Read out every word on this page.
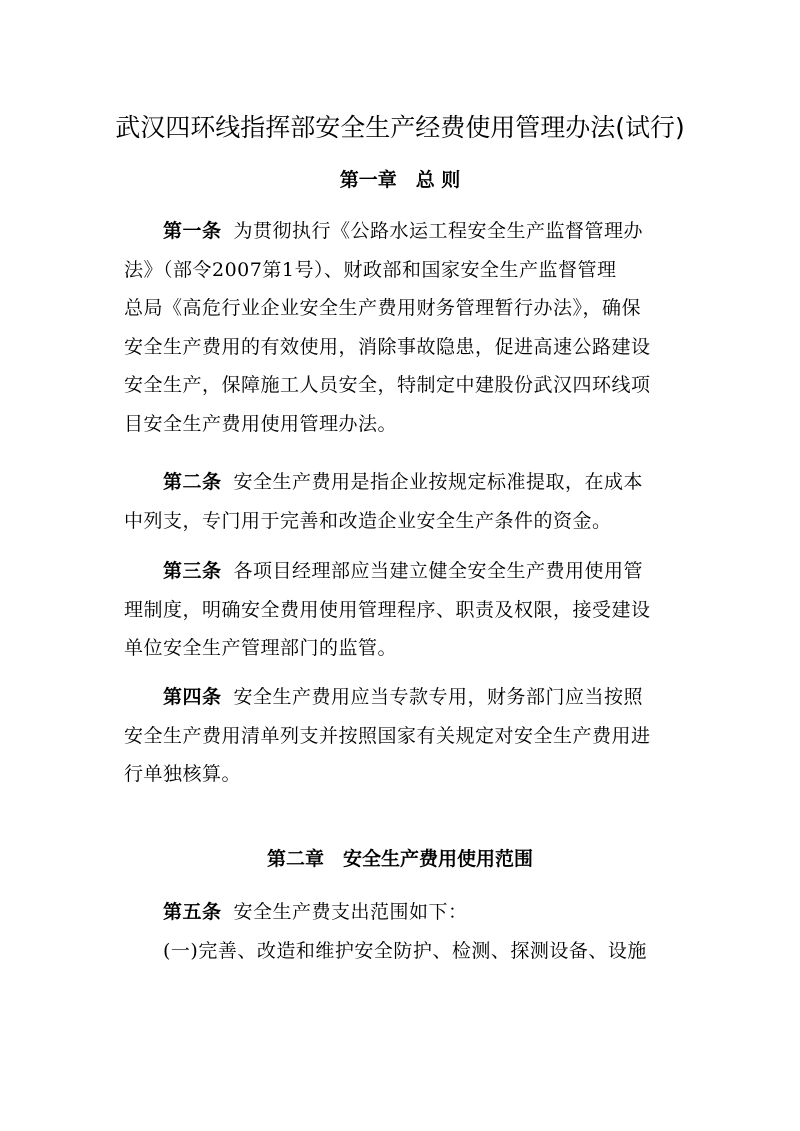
武汉四环线指挥部安全生产经费使用管理办法(试行)
第一章　总 则
第一条 为贯彻执行《公路水运工程安全生产监督管理办
法》（部令2007第1号）、财政部和国家安全生产监督管理
总局《高危行业企业安全生产费用财务管理暂行办法》，确保
安全生产费用的有效使用，消除事故隐患，促进高速公路建设
安全生产，保障施工人员安全，特制定中建股份武汉四环线项
目安全生产费用使用管理办法。
第二条 安全生产费用是指企业按规定标准提取，在成本
中列支，专门用于完善和改造企业安全生产条件的资金。
第三条 各项目经理部应当建立健全安全生产费用使用管
理制度，明确安全费用使用管理程序、职责及权限，接受建设
单位安全生产管理部门的监管。
第四条 安全生产费用应当专款专用，财务部门应当按照
安全生产费用清单列支并按照国家有关规定对安全生产费用进
行单独核算。
第二章　安全生产费用使用范围
第五条 安全生产费支出范围如下：
(一)完善、改造和维护安全防护、检测、探测设备、设施
